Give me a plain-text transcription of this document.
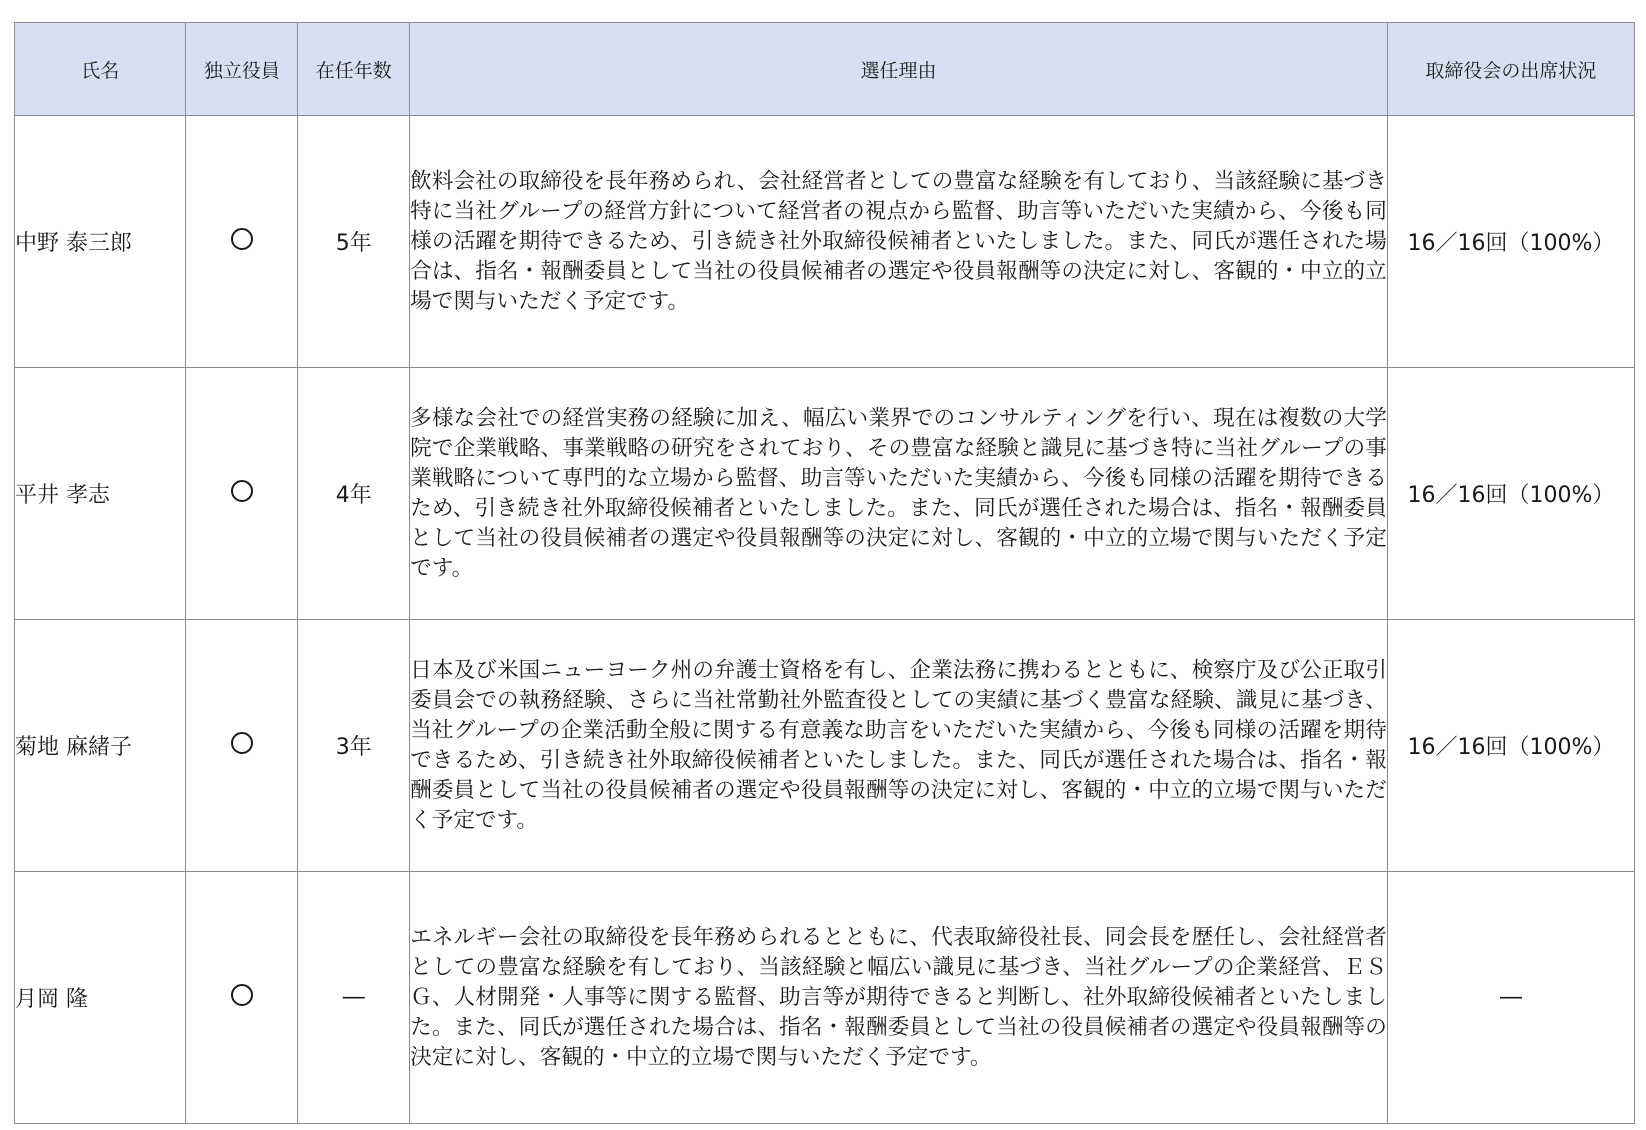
氏名	独立役員	在任年数	選任理由	取締役会の出席状況
中野 泰三郎		5年	飲料会社の取締役を長年務められ、会社経営者としての豊富な経験を有しており、当該経験に基づき特に当社グループの経営方針について経営者の視点から監督、助言等いただいた実績から、今後も同様の活躍を期待できるため、引き続き社外取締役候補者といたしました。また、同氏が選任された場合は、指名・報酬委員として当社の役員候補者の選定や役員報酬等の決定に対し、客観的・中立的立場で関与いただく予定です。	16／16回（100%）
平井 孝志		4年	多様な会社での経営実務の経験に加え、幅広い業界でのコンサルティングを行い、現在は複数の大学院で企業戦略、事業戦略の研究をされており、その豊富な経験と識見に基づき特に当社グループの事業戦略について専門的な立場から監督、助言等いただいた実績から、今後も同様の活躍を期待できるため、引き続き社外取締役候補者といたしました。また、同氏が選任された場合は、指名・報酬委員として当社の役員候補者の選定や役員報酬等の決定に対し、客観的・中立的立場で関与いただく予定です。	16／16回（100%）
菊地 麻緒子		3年	日本及び米国ニューヨーク州の弁護士資格を有し、企業法務に携わるとともに、検察庁及び公正取引委員会での執務経験、さらに当社常勤社外監査役としての実績に基づく豊富な経験、識見に基づき、当社グループの企業活動全般に関する有意義な助言をいただいた実績から、今後も同様の活躍を期待できるため、引き続き社外取締役候補者といたしました。また、同氏が選任された場合は、指名・報酬委員として当社の役員候補者の選定や役員報酬等の決定に対し、客観的・中立的立場で関与いただく予定です。	16／16回（100%）
月岡 隆		―	エネルギー会社の取締役を長年務められるとともに、代表取締役社長、同会長を歴任し、会社経営者としての豊富な経験を有しており、当該経験と幅広い識見に基づき、当社グループの企業経営、ＥＳＧ、人材開発・人事等に関する監督、助言等が期待できると判断し、社外取締役候補者といたしました。また、同氏が選任された場合は、指名・報酬委員として当社の役員候補者の選定や役員報酬等の決定に対し、客観的・中立的立場で関与いただく予定です。	―
